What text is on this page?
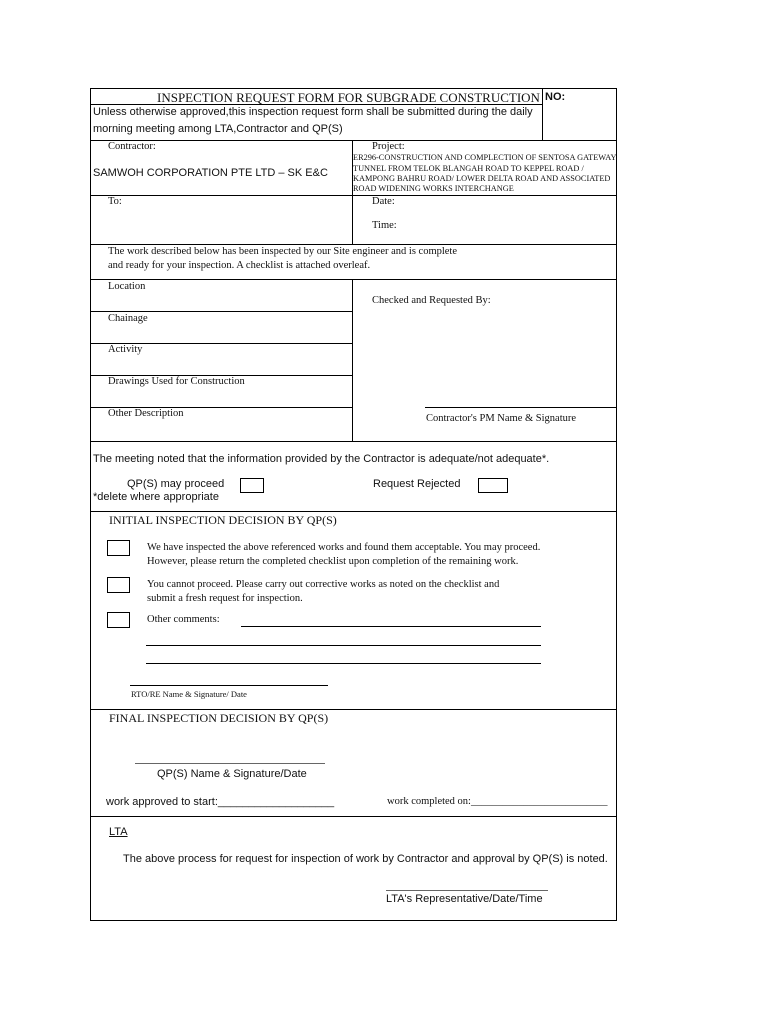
INSPECTION REQUEST FORM FOR SUBGRADE CONSTRUCTION NO:
Unless otherwise approved,this inspection request form shall be submitted during the daily
morning meeting among LTA,Contractor and QP(S)
Contractor:
SAMWOH CORPORATION PTE LTD – SK E&C
Project:
ER296-CONSTRUCTION AND COMPLECTION OF SENTOSA GATEWAY
TUNNEL FROM TELOK BLANGAH ROAD TO KEPPEL ROAD /
KAMPONG BAHRU ROAD/ LOWER DELTA ROAD AND ASSOCIATED
ROAD WIDENING WORKS INTERCHANGE
To:	Date:
Time:
The work described below has been inspected by our Site engineer and is complete
and ready for your inspection. A checklist is attached overleaf.
Location
Chainage
Activity
Drawings Used for Construction
Other Description
Checked and Requested By:
Contractor's PM Name & Signature
The meeting noted that the information provided by the Contractor is adequate/not adequate*.
QP(S) may proceed	Request Rejected
*delete where appropriate
INITIAL INSPECTION DECISION BY QP(S)
We have inspected the above referenced works and found them acceptable. You may proceed.
However, please return the completed checklist upon completion of the remaining work.
You cannot proceed. Please carry out corrective works as noted on the checklist and
submit a fresh request for inspection.
Other comments:
RTO/RE Name & Signature/ Date
FINAL INSPECTION DECISION BY QP(S)
QP(S) Name & Signature/Date
work approved to start:___________________	work completed on:__________________________
LTA
The above process for request for inspection of work by Contractor and approval by QP(S) is noted.
LTA's Representative/Date/Time
